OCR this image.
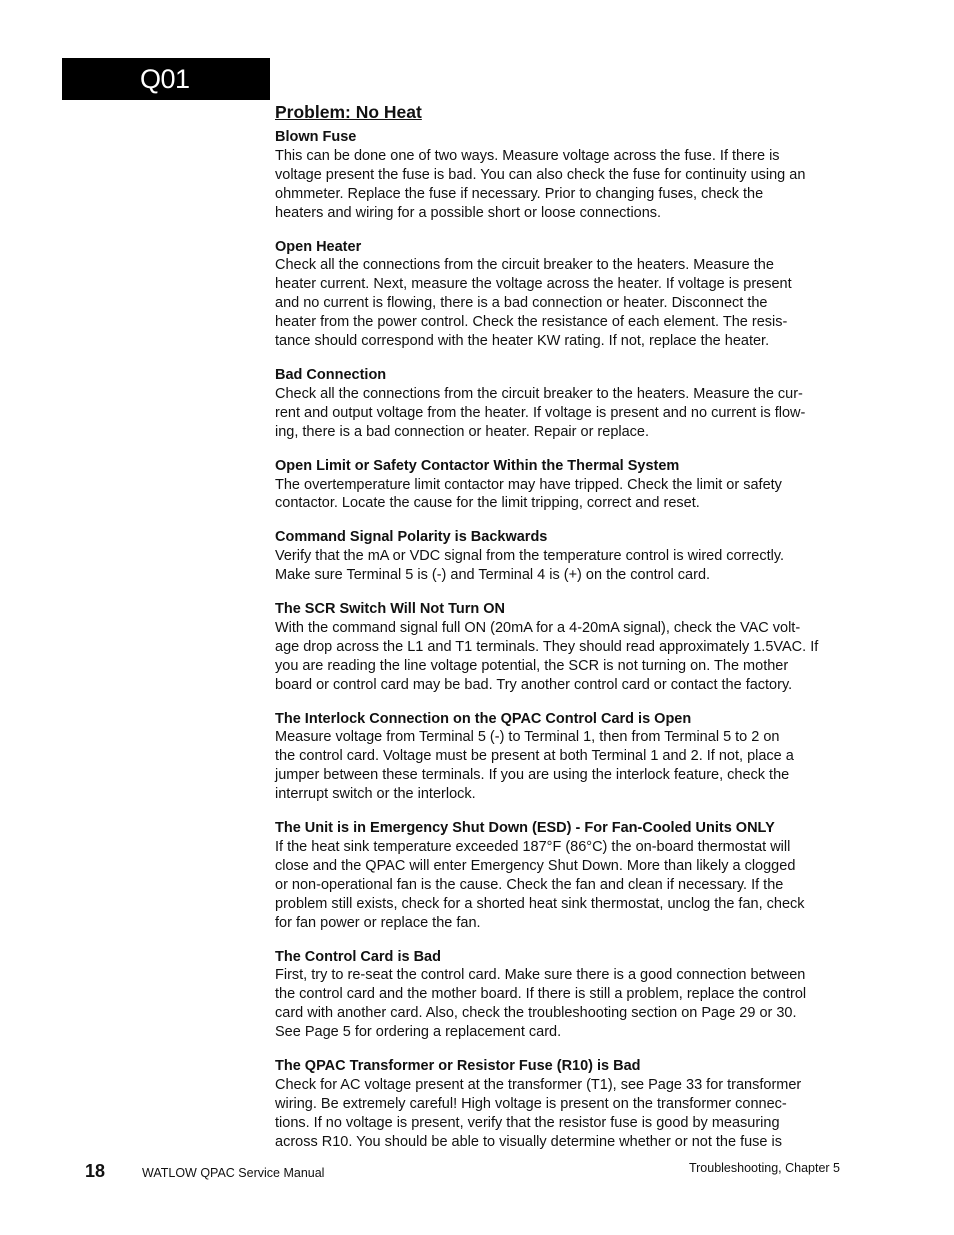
Q01
Problem: No Heat
Blown Fuse
This can be done one of two ways. Measure voltage across the fuse. If there is
voltage present the fuse is bad. You can also check the fuse for continuity using an
ohmmeter. Replace the fuse if necessary. Prior to changing fuses, check the
heaters and wiring for a possible short or loose connections.
Open Heater
Check all the connections from the circuit breaker to the heaters. Measure the
heater current. Next, measure the voltage across the heater. If voltage is present
and no current is flowing, there is a bad connection or heater. Disconnect the
heater from the power control. Check the resistance of each element. The resis-
tance should correspond with the heater KW rating. If not, replace the heater.
Bad Connection
Check all the connections from the circuit breaker to the heaters. Measure the cur-
rent and output voltage from the heater. If voltage is present and no current is flow-
ing, there is a bad connection or heater. Repair or replace.
Open Limit or Safety Contactor Within the Thermal System
The overtemperature limit contactor may have tripped. Check the limit or safety
contactor. Locate the cause for the limit tripping, correct and reset.
Command Signal Polarity is Backwards
Verify that the mA or VDC signal from the temperature control is wired correctly.
Make sure Terminal 5 is (-) and Terminal 4 is (+) on the control card.
The SCR Switch Will Not Turn ON
With the command signal full ON (20mA for a 4-20mA signal), check the VAC volt-
age drop across the L1 and T1 terminals. They should read approximately 1.5VAC. If
you are reading the line voltage potential, the SCR is not turning on. The mother
board or control card may be bad. Try another control card or contact the factory.
The Interlock Connection on the QPAC Control Card is Open
Measure voltage from Terminal 5 (-) to Terminal 1, then from Terminal 5 to 2 on
the control card. Voltage must be present at both Terminal 1 and 2. If not, place a
jumper between these terminals. If you are using the interlock feature, check the
interrupt switch or the interlock.
The Unit is in Emergency Shut Down (ESD) - For Fan-Cooled Units ONLY
If the heat sink temperature exceeded 187°F (86°C) the on-board thermostat will
close and the QPAC will enter Emergency Shut Down. More than likely a clogged
or non-operational fan is the cause. Check the fan and clean if necessary. If the
problem still exists, check for a shorted heat sink thermostat, unclog the fan, check
for fan power or replace the fan.
The Control Card is Bad
First, try to re-seat the control card. Make sure there is a good connection between
the control card and the mother board. If there is still a problem, replace the control
card with another card. Also, check the troubleshooting section on Page 29 or 30.
See Page 5 for ordering a replacement card.
The QPAC Transformer or Resistor Fuse (R10) is Bad
Check for AC voltage present at the transformer (T1), see Page 33 for transformer
wiring. Be extremely careful! High voltage is present on the transformer connec-
tions. If no voltage is present, verify that the resistor fuse is good by measuring
across R10. You should be able to visually determine whether or not the fuse is
18	WATLOW QPAC Service Manual	Troubleshooting, Chapter 5
